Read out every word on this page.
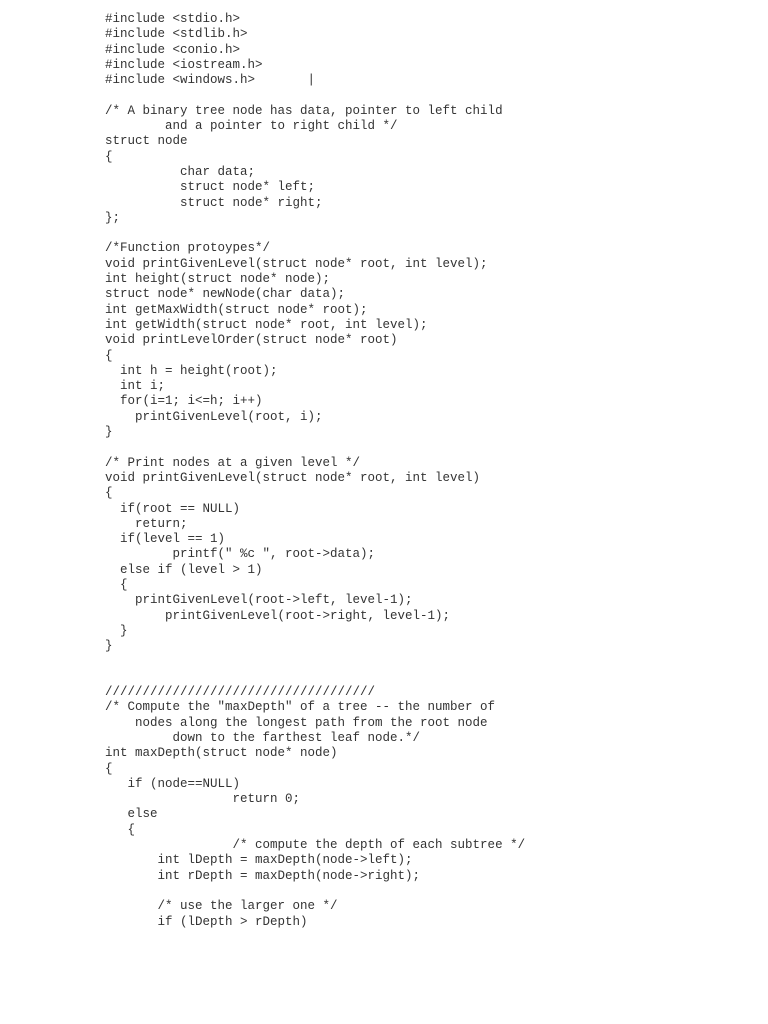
#include <stdio.h>
#include <stdlib.h>
#include <conio.h>
#include <iostream.h>
#include <windows.h>       |
/* A binary tree node has data, pointer to left child
and a pointer to right child */
struct node
{
char data;
struct node* left;
struct node* right;
};
/*Function protoypes*/
void printGivenLevel(struct node* root, int level);
int height(struct node* node);
struct node* newNode(char data);
int getMaxWidth(struct node* root);
int getWidth(struct node* root, int level);
void printLevelOrder(struct node* root)
{
int h = height(root);
int i;
for(i=1; i<=h; i++)
printGivenLevel(root, i);
}
/* Print nodes at a given level */
void printGivenLevel(struct node* root, int level)
{
if(root == NULL)
return;
if(level == 1)
printf(" %c ", root->data);
else if (level > 1)
{
printGivenLevel(root->left, level-1);
printGivenLevel(root->right, level-1);
}
}
////////////////////////////////////
/* Compute the "maxDepth" of a tree -- the number of
nodes along the longest path from the root node
down to the farthest leaf node.*/
int maxDepth(struct node* node)
{
if (node==NULL)
return 0;
else
{
/* compute the depth of each subtree */
int lDepth = maxDepth(node->left);
int rDepth = maxDepth(node->right);
/* use the larger one */
if (lDepth > rDepth)
